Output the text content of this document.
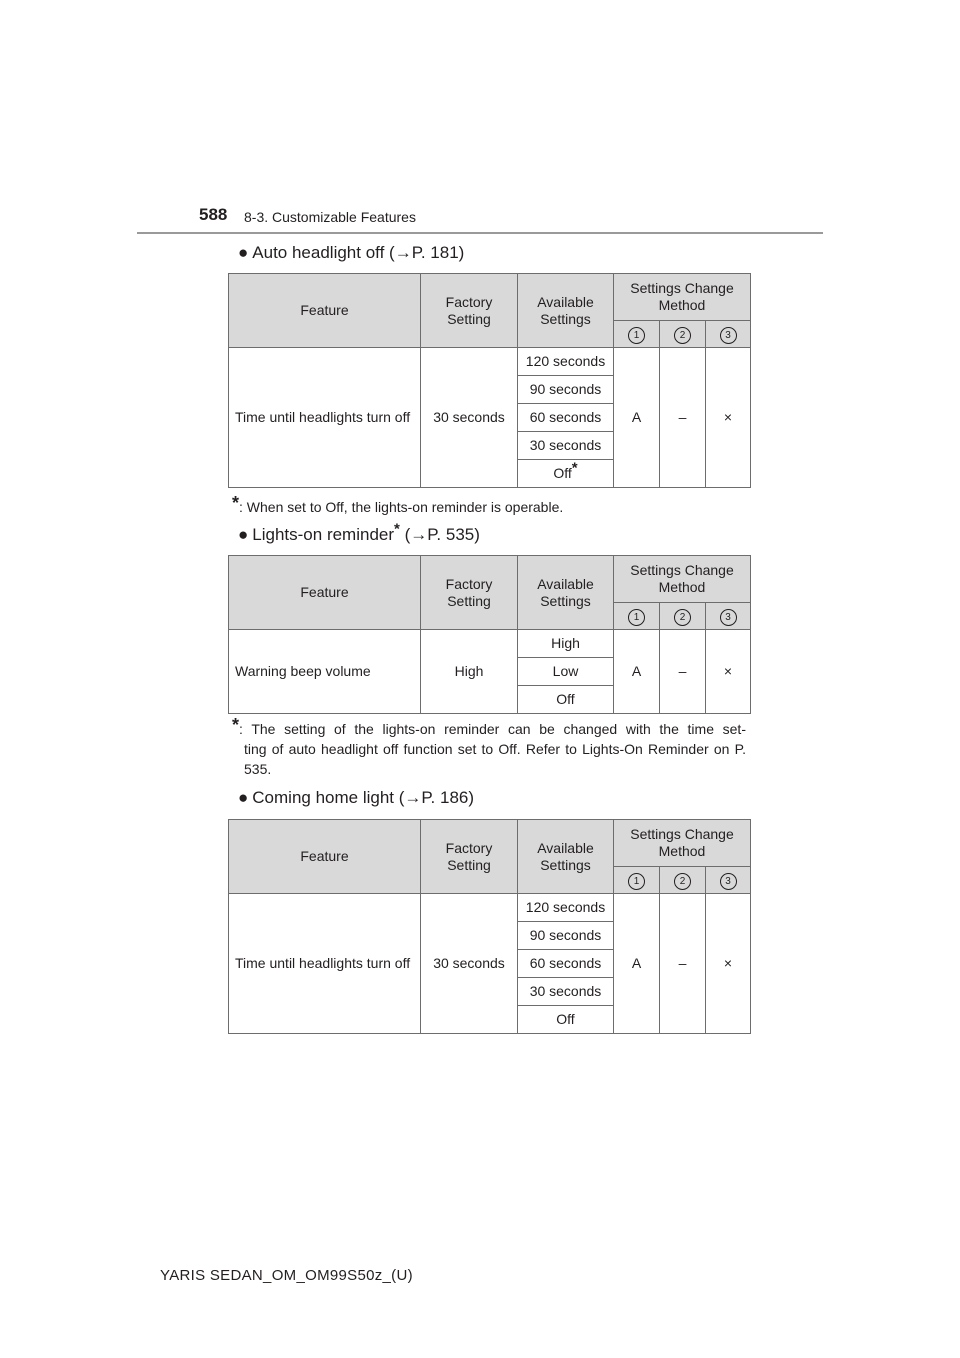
588 8-3. Customizable Features
● Auto headlight off (→P. 181)
Feature	Factory Setting	Available Settings	Settings Change Method		
			1	2	3

Time until headlights turn off	30 seconds	120 seconds	A	–	×
		90 seconds			
		60 seconds			
		30 seconds			
		Off*
*: When set to Off, the lights-on reminder is operable.
● Lights-on reminder* (→P. 535)
Feature	Factory Setting	Available Settings	Settings Change Method		
			1	2	3
Warning beep volume	High	High	A	–	×
		Low			
		Off			
*: The setting of the lights-on reminder can be changed with the time set-
ting of auto headlight off function set to Off. Refer to Lights-On Reminder on P. 535.
● Coming home light (→P. 186)
Feature	Factory Setting	Available Settings	Settings Change Method		
			1	2	3

Time until headlights turn off	30 seconds	120 seconds	A	–	×
		90 seconds			
		60 seconds			
		30 seconds			
		Off			
YARIS SEDAN_OM_OM99S50z_(U)
